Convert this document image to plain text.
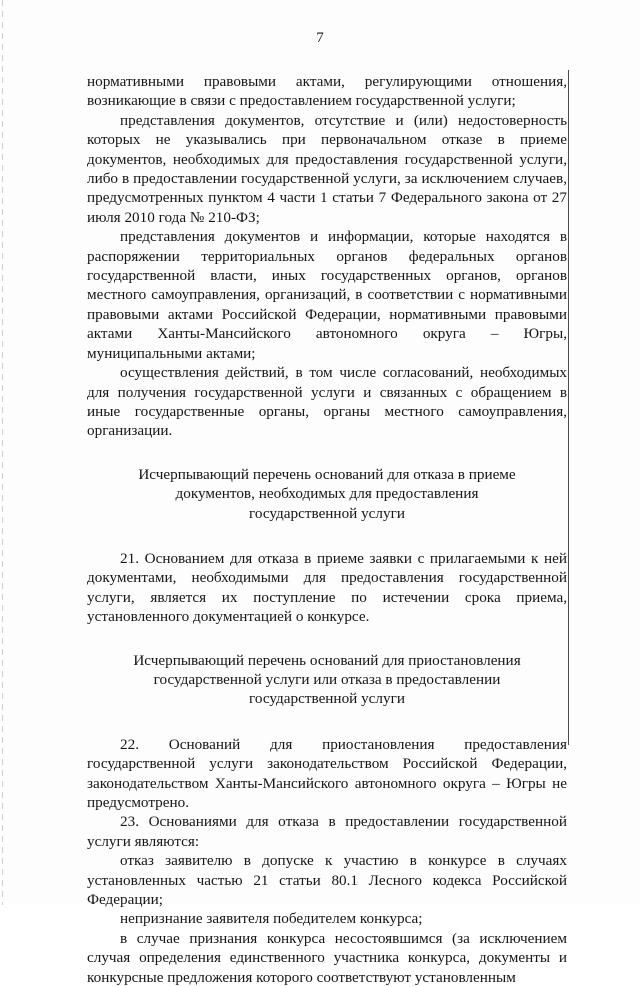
7

нормативными правовыми актами, регулирующими отношения, возникающие в связи с предоставлением государственной услуги;

представления документов, отсутствие и (или) недостоверность которых не указывались при первоначальном отказе в приеме документов, необходимых для предоставления государственной услуги, либо в предоставлении государственной услуги, за исключением случаев, предусмотренных пунктом 4 части 1 статьи 7 Федерального закона от 27 июля 2010 года № 210-ФЗ;

представления документов и информации, которые находятся в распоряжении территориальных органов федеральных органов государственной власти, иных государственных органов, органов местного самоуправления, организаций, в соответствии с нормативными правовыми актами Российской Федерации, нормативными правовыми актами Ханты-Мансийского автономного округа – Югры, муниципальными актами;

осуществления действий, в том числе согласований, необходимых для получения государственной услуги и связанных с обращением в иные государственные органы, органы местного самоуправления, организации.

Исчерпывающий перечень оснований для отказа в приеме документов, необходимых для предоставления государственной услуги

21. Основанием для отказа в приеме заявки с прилагаемыми к ней документами, необходимыми для предоставления государственной услуги, является их поступление по истечении срока приема, установленного документацией о конкурсе.

Исчерпывающий перечень оснований для приостановления государственной услуги или отказа в предоставлении государственной услуги

22. Оснований для приостановления предоставления государственной услуги законодательством Российской Федерации, законодательством Ханты-Мансийского автономного округа – Югры не предусмотрено.

23. Основаниями для отказа в предоставлении государственной услуги являются:

отказ заявителю в допуске к участию в конкурсе в случаях установленных частью 21 статьи 80.1 Лесного кодекса Российской Федерации;

непризнание заявителя победителем конкурса;

в случае признания конкурса несостоявшимся (за исключением случая определения единственного участника конкурса, документы и конкурсные предложения которого соответствуют установленным
